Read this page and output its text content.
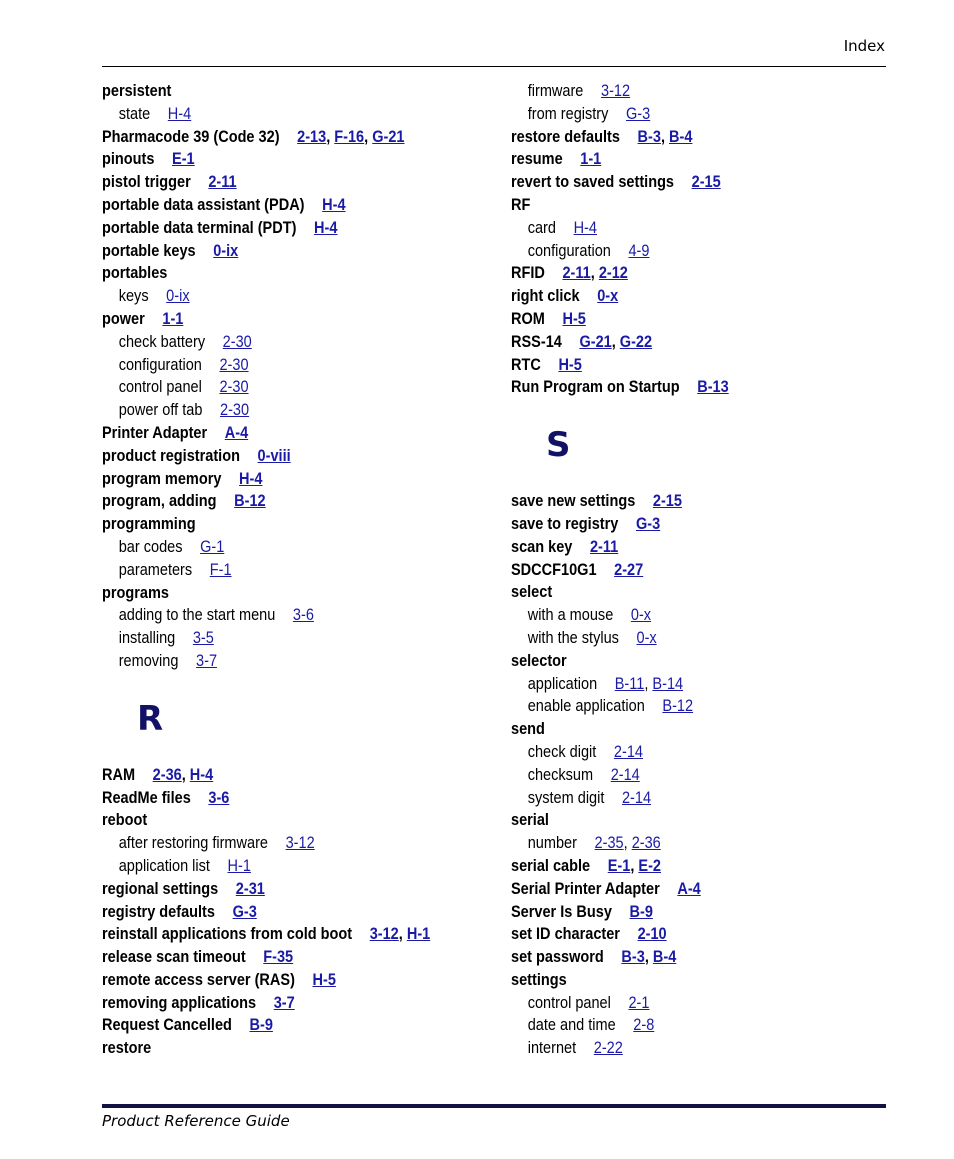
Index
persistent
state H-4
Pharmacode 39 (Code 32) 2-13, F-16, G-21
pinouts E-1
pistol trigger 2-11
portable data assistant (PDA) H-4
portable data terminal (PDT) H-4
portable keys 0-ix
portables
keys 0-ix
power 1-1
check battery 2-30
configuration 2-30
control panel 2-30
power off tab 2-30
Printer Adapter A-4
product registration 0-viii
program memory H-4
program, adding B-12
programming
bar codes G-1
parameters F-1
programs
adding to the start menu 3-6
installing 3-5
removing 3-7
R
RAM 2-36, H-4
ReadMe files 3-6
reboot
after restoring firmware 3-12
application list H-1
regional settings 2-31
registry defaults G-3
reinstall applications from cold boot 3-12, H-1
release scan timeout F-35
remote access server (RAS) H-5
removing applications 3-7
Request Cancelled B-9
restore
firmware 3-12
from registry G-3
restore defaults B-3, B-4
resume 1-1
revert to saved settings 2-15
RF
card H-4
configuration 4-9
RFID 2-11, 2-12
right click 0-x
ROM H-5
RSS-14 G-21, G-22
RTC H-5
Run Program on Startup B-13
S
save new settings 2-15
save to registry G-3
scan key 2-11
SDCCF10G1 2-27
select
with a mouse 0-x
with the stylus 0-x
selector
application B-11, B-14
enable application B-12
send
check digit 2-14
checksum 2-14
system digit 2-14
serial
number 2-35, 2-36
serial cable E-1, E-2
Serial Printer Adapter A-4
Server Is Busy B-9
set ID character 2-10
set password B-3, B-4
settings
control panel 2-1
date and time 2-8
internet 2-22
Product Reference Guide
